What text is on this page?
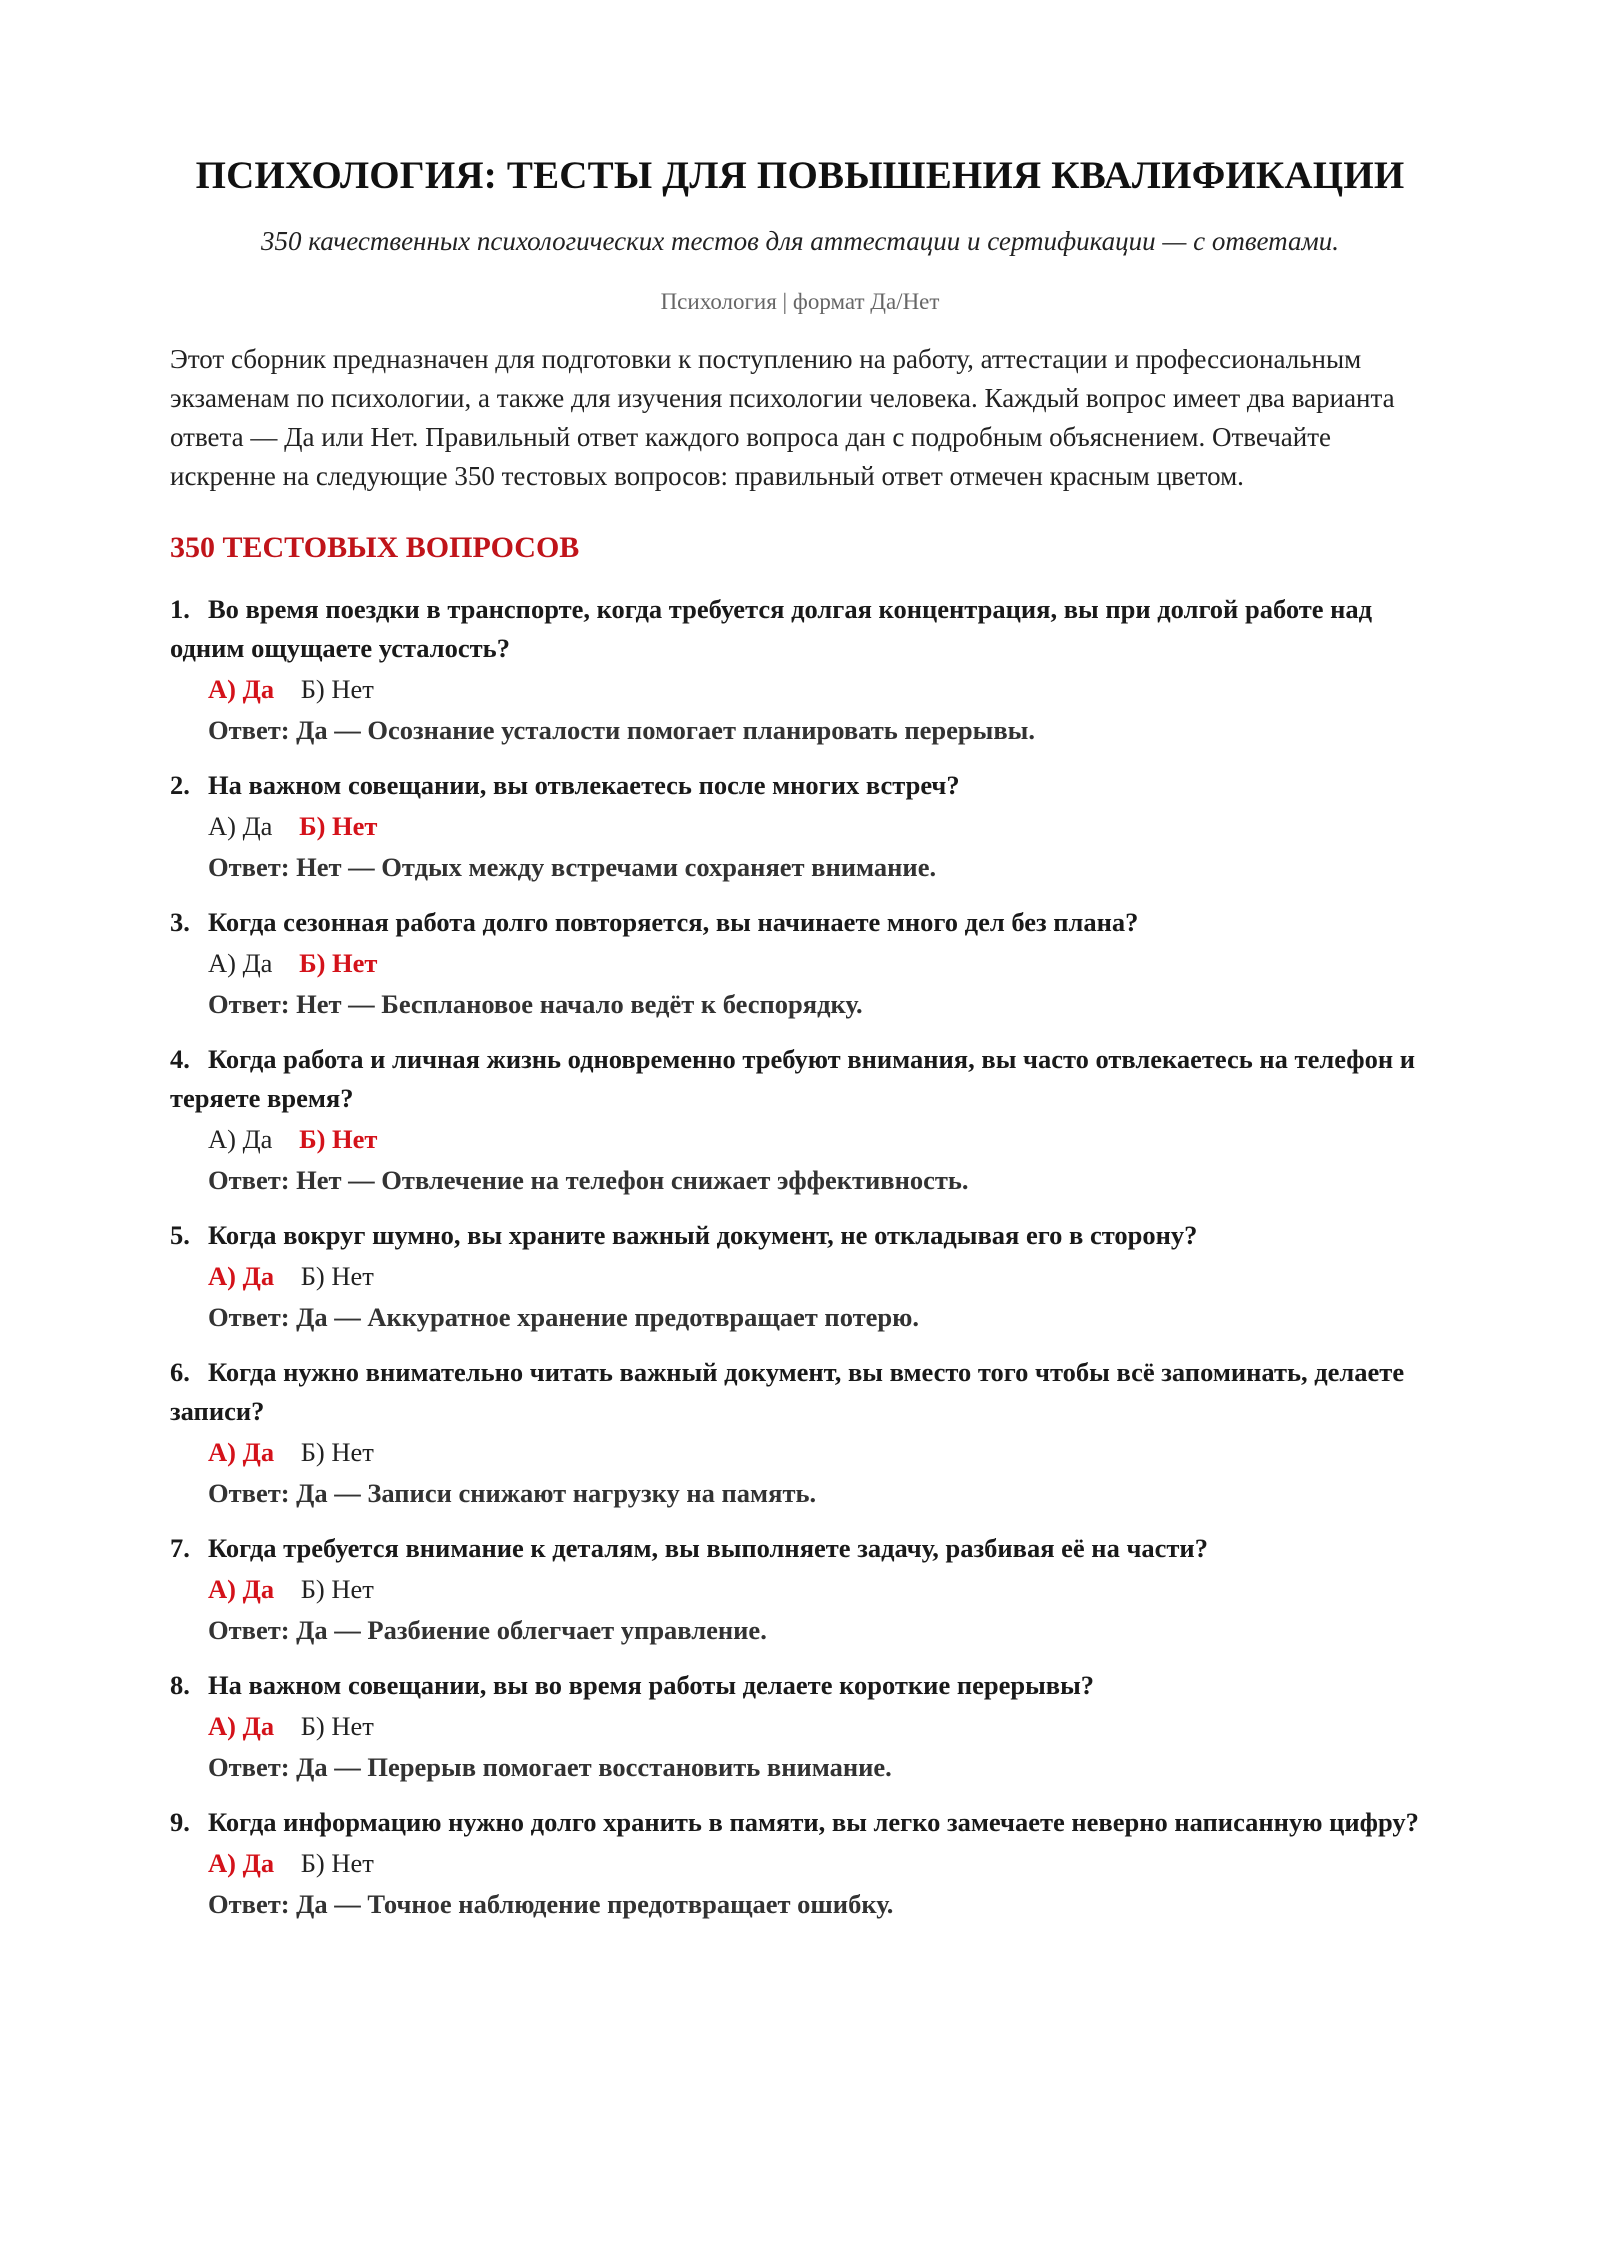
ПСИХОЛОГИЯ: ТЕСТЫ ДЛЯ ПОВЫШЕНИЯ КВАЛИФИКАЦИИ

350 качественных психологических тестов для аттестации и сертификации — с ответами.

Психология | формат Да/Нет

Этот сборник предназначен для подготовки к поступлению на работу, аттестации и профессиональным экзаменам по психологии, а также для изучения психологии человека. Каждый вопрос имеет два варианта ответа — Да или Нет. Правильный ответ каждого вопроса дан с подробным объяснением. Отвечайте искренне на следующие 350 тестовых вопросов: правильный ответ отмечен красным цветом.

350 ТЕСТОВЫХ ВОПРОСОВ
1. Во время поездки в транспорте, когда требуется долгая концентрация, вы при долгой работе над одним ощущаете усталость?
А) Да Б) Нет
Ответ: Да — Осознание усталости помогает планировать перерывы.
2. На важном совещании, вы отвлекаетесь после многих встреч?
А) Да Б) Нет
Ответ: Нет — Отдых между встречами сохраняет внимание.
3. Когда сезонная работа долго повторяется, вы начинаете много дел без плана?
А) Да Б) Нет
Ответ: Нет — Бесплановое начало ведёт к беспорядку.
4. Когда работа и личная жизнь одновременно требуют внимания, вы часто отвлекаетесь на телефон и теряете время?
А) Да Б) Нет
Ответ: Нет — Отвлечение на телефон снижает эффективность.
5. Когда вокруг шумно, вы храните важный документ, не откладывая его в сторону?
А) Да Б) Нет
Ответ: Да — Аккуратное хранение предотвращает потерю.
6. Когда нужно внимательно читать важный документ, вы вместо того чтобы всё запоминать, делаете записи?
А) Да Б) Нет
Ответ: Да — Записи снижают нагрузку на память.
7. Когда требуется внимание к деталям, вы выполняете задачу, разбивая её на части?
А) Да Б) Нет
Ответ: Да — Разбиение облегчает управление.
8. На важном совещании, вы во время работы делаете короткие перерывы?
А) Да Б) Нет
Ответ: Да — Перерыв помогает восстановить внимание.
9. Когда информацию нужно долго хранить в памяти, вы легко замечаете неверно написанную цифру?
А) Да Б) Нет
Ответ: Да — Точное наблюдение предотвращает ошибку.
